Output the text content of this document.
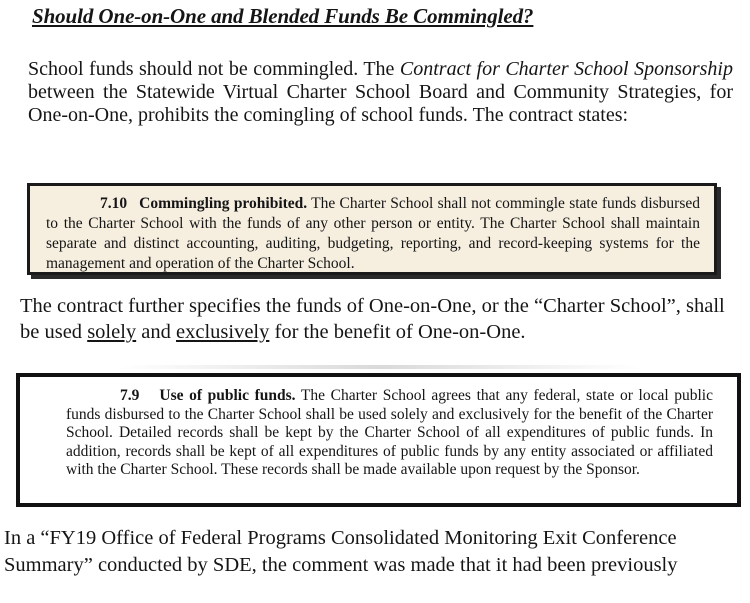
Should One-on-One and Blended Funds Be Commingled?

School funds should not be commingled. The Contract for Charter School Sponsorship between the Statewide Virtual Charter School Board and Community Strategies, for One-on-One, prohibits the comingling of school funds. The contract states:

7.10 Commingling prohibited. The Charter School shall not commingle state funds disbursed to the Charter School with the funds of any other person or entity. The Charter School shall maintain separate and distinct accounting, auditing, budgeting, reporting, and record-keeping systems for the management and operation of the Charter School.

The contract further specifies the funds of One-on-One, or the “Charter School”, shall be used solely and exclusively for the benefit of One-on-One.

7.9 Use of public funds. The Charter School agrees that any federal, state or local public funds disbursed to the Charter School shall be used solely and exclusively for the benefit of the Charter School. Detailed records shall be kept by the Charter School of all expenditures of public funds. In addition, records shall be kept of all expenditures of public funds by any entity associated or affiliated with the Charter School. These records shall be made available upon request by the Sponsor.

In a “FY19 Office of Federal Programs Consolidated Monitoring Exit Conference Summary” conducted by SDE, the comment was made that it had been previously
